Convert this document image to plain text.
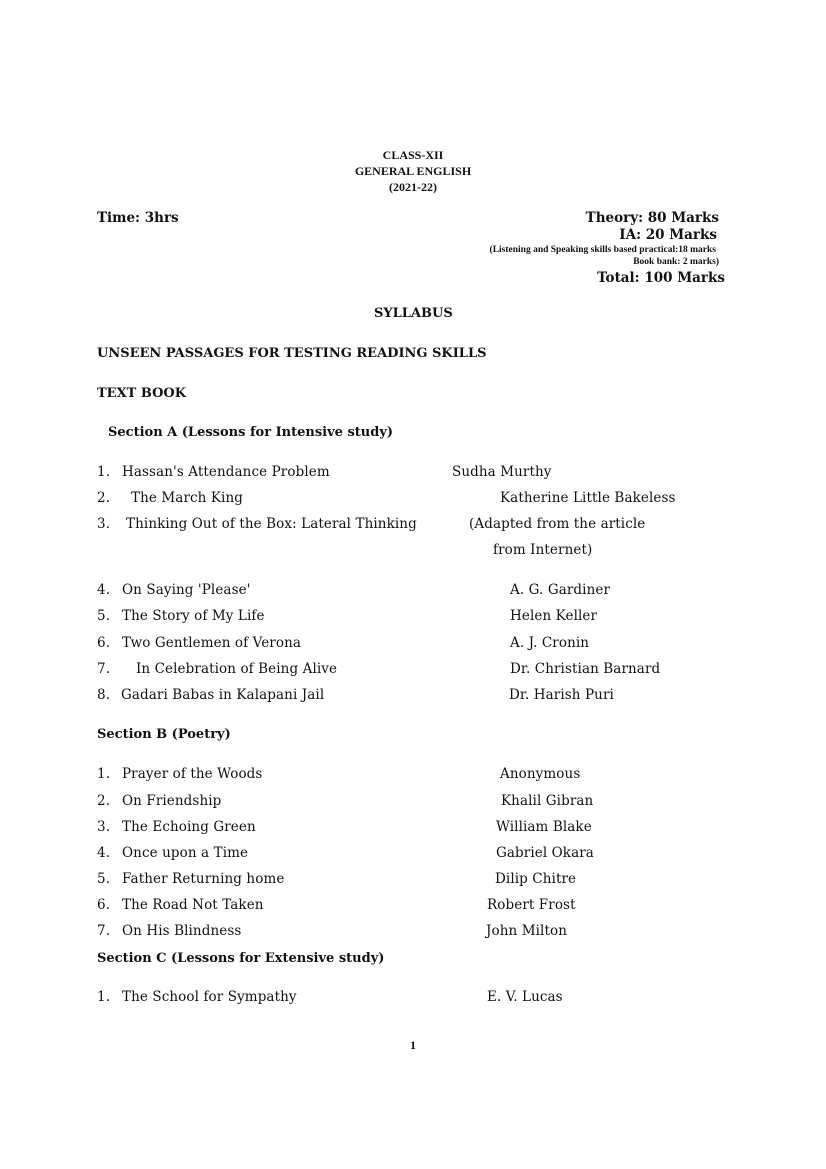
CLASS-XII
GENERAL ENGLISH
(2021-22)
Time: 3hrs	Theory: 80 Marks
IA: 20 Marks
(Listening and Speaking skills based practical:18 marks
Book bank: 2 marks)
Total: 100 Marks
SYLLABUS
UNSEEN PASSAGES FOR TESTING READING SKILLS
TEXT BOOK
Section A (Lessons for Intensive study)
1. Hassan's Attendance Problem	Sudha Murthy
2. The March King	Katherine Little Bakeless
3. Thinking Out of the Box: Lateral Thinking	(Adapted from the article
from Internet)
4. On Saying 'Please'	A. G. Gardiner
5. The Story of My Life	Helen Keller
6. Two Gentlemen of Verona	A. J. Cronin
7. In Celebration of Being Alive	Dr. Christian Barnard
8. Gadari Babas in Kalapani Jail	Dr. Harish Puri
Section B (Poetry)
1. Prayer of the Woods	Anonymous
2. On Friendship	Khalil Gibran
3. The Echoing Green	William Blake
4. Once upon a Time	Gabriel Okara
5. Father Returning home	Dilip Chitre
6. The Road Not Taken	Robert Frost
7. On His Blindness	John Milton
Section C (Lessons for Extensive study)
1. The School for Sympathy	E. V. Lucas
1
